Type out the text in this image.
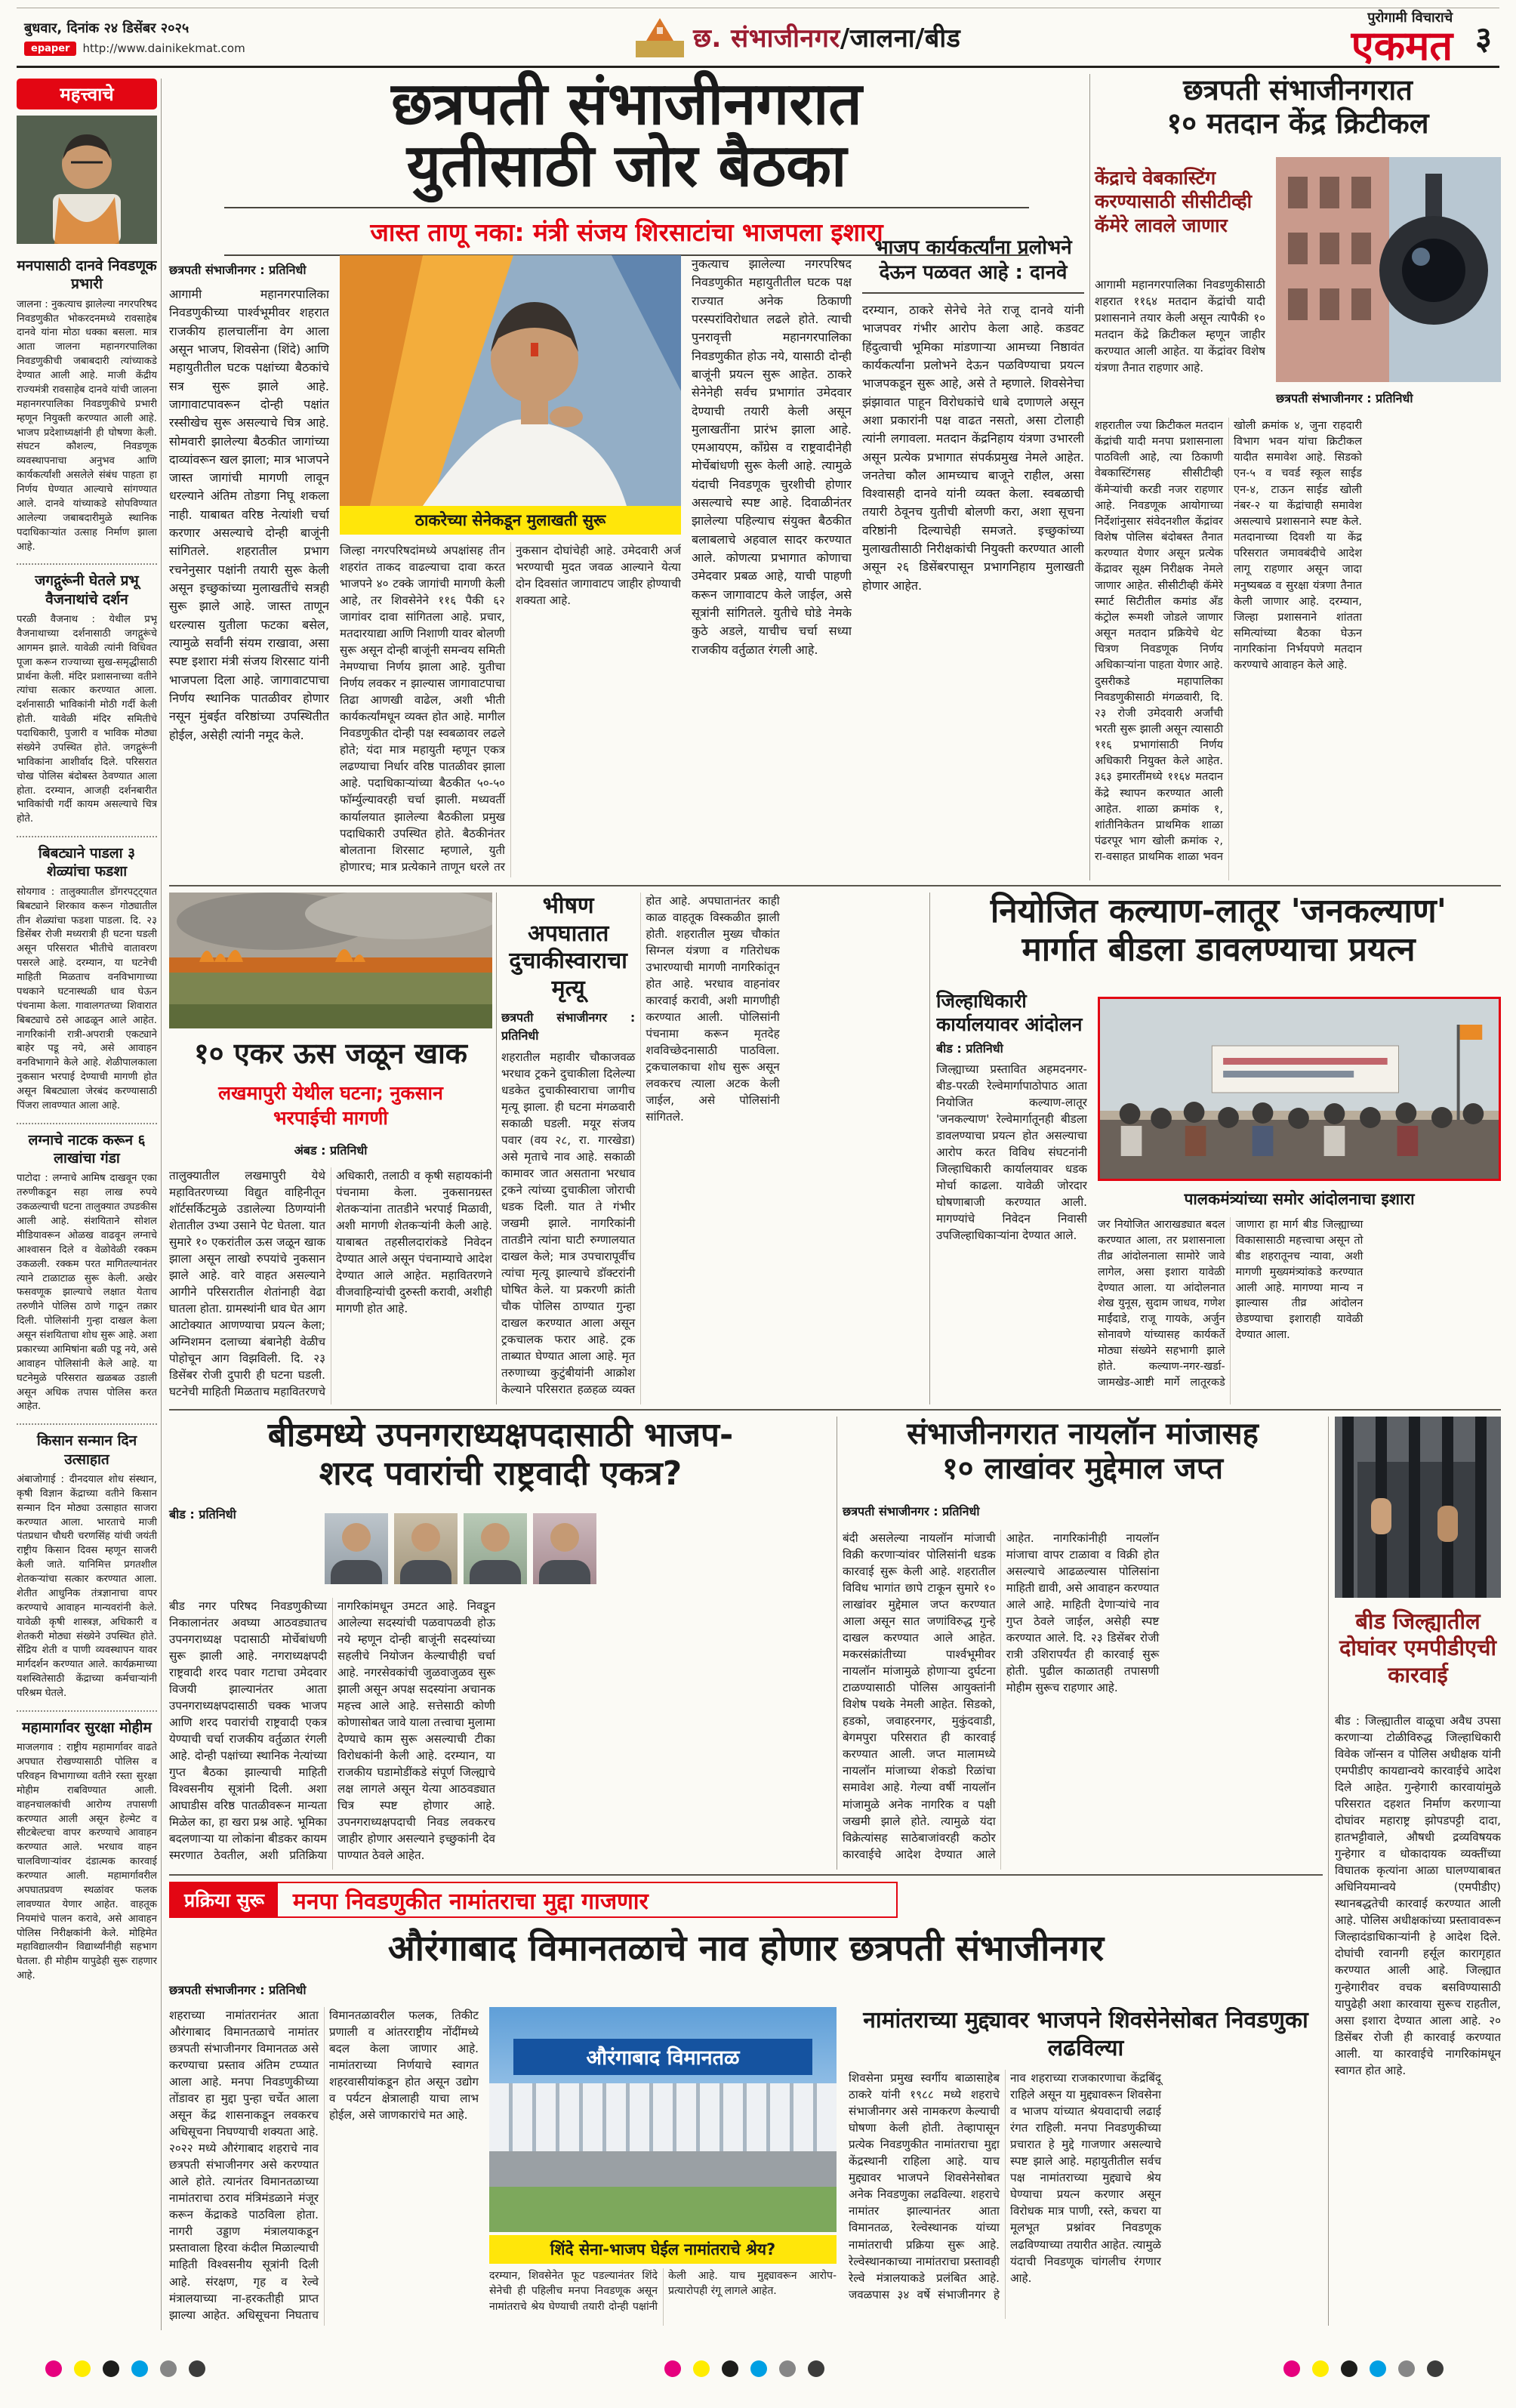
बुधवार, दिनांक २४ डिसेंबर २०२५
epaper	http://www.dainikekmat.com	छ. संभाजीनगर/जालना/बीड
पुरोगामी विचाराचे
एकमत ३
महत्त्वाचे
मनपासाठी दानवे निवडणूक प्रभारी
जालना : नुकत्याच झालेल्या नगरपरिषद निवडणुकीत भोकरदनमध्ये रावसाहेब दानवे यांना मोठा धक्का बसला. मात्र आता जालना महानगरपालिका निवडणुकीची जबाबदारी त्यांच्याकडे देण्यात आली आहे. माजी केंद्रीय राज्यमंत्री रावसाहेब दानवे यांची जालना महानगरपालिका निवडणुकीचे प्रभारी म्हणून नियुक्ती करण्यात आली आहे. भाजप प्रदेशाध्यक्षांनी ही घोषणा केली. संघटन कौशल्य, निवडणूक व्यवस्थापनाचा अनुभव आणि कार्यकर्त्यांशी असलेले संबंध पाहता हा निर्णय घेण्यात आल्याचे सांगण्यात आले. दानवे यांच्याकडे सोपविण्यात आलेल्या जबाबदारीमुळे स्थानिक पदाधिकाऱ्यांत उत्साह निर्माण झाला आहे.
जगद्गुरूंनी घेतले प्रभू वैजनाथांचे दर्शन
परळी वैजनाथ : येथील प्रभू वैजनाथाच्या दर्शनासाठी जगद्गुरूंचे आगमन झाले. यावेळी त्यांनी विधिवत पूजा करून राज्याच्या सुख-समृद्धीसाठी प्रार्थना केली. मंदिर प्रशासनाच्या वतीने त्यांचा सत्कार करण्यात आला. दर्शनासाठी भाविकांनी मोठी गर्दी केली होती. यावेळी मंदिर समितीचे पदाधिकारी, पुजारी व भाविक मोठ्या संख्येने उपस्थित होते. जगद्गुरूंनी भाविकांना आशीर्वाद दिले. परिसरात चोख पोलिस बंदोबस्त ठेवण्यात आला होता. दरम्यान, आजही दर्शनबारीत भाविकांची गर्दी कायम असल्याचे चित्र होते.
बिबट्याने पाडला ३ शेळ्यांचा फडशा
सोयगाव : तालुक्यातील डोंगरपट्ट्यात बिबट्याने शिरकाव करून गोठ्यातील तीन शेळ्यांचा फडशा पाडला. दि. २३ डिसेंबर रोजी मध्यरात्री ही घटना घडली असून परिसरात भीतीचे वातावरण पसरले आहे. दरम्यान, या घटनेची माहिती मिळताच वनविभागाच्या पथकाने घटनास्थळी धाव घेऊन पंचनामा केला. गावालगतच्या शिवारात बिबट्याचे ठसे आढळून आले आहेत. नागरिकांनी रात्री-अपरात्री एकट्याने बाहेर पडू नये, असे आवाहन वनविभागाने केले आहे. शेळीपालकाला नुकसान भरपाई देण्याची मागणी होत असून बिबट्याला जेरबंद करण्यासाठी पिंजरा लावण्यात आला आहे.
लग्नाचे नाटक करून ६ लाखांचा गंडा
पाटोदा : लग्नाचे आमिष दाखवून एका तरुणीकडून सहा लाख रुपये उकळल्याची घटना तालुक्यात उघडकीस आली आहे. संशयिताने सोशल मीडियावरून ओळख वाढवून लग्नाचे आश्वासन दिले व वेळोवेळी रक्कम उकळली. रक्कम परत मागितल्यानंतर त्याने टाळाटाळ सुरू केली. अखेर फसवणूक झाल्याचे लक्षात येताच तरुणीने पोलिस ठाणे गाठून तक्रार दिली. पोलिसांनी गुन्हा दाखल केला असून संशयिताचा शोध सुरू आहे. अशा प्रकारच्या आमिषांना बळी पडू नये, असे आवाहन पोलिसांनी केले आहे. या घटनेमुळे परिसरात खळबळ उडाली असून अधिक तपास पोलिस करत आहेत.
किसान सन्मान दिन उत्साहात
अंबाजोगाई : दीनदयाल शोध संस्थान, कृषी विज्ञान केंद्राच्या वतीने किसान सन्मान दिन मोठ्या उत्साहात साजरा करण्यात आला. भारताचे माजी पंतप्रधान चौधरी चरणसिंह यांची जयंती राष्ट्रीय किसान दिवस म्हणून साजरी केली जाते. यानिमित्त प्रगतशील शेतकऱ्यांचा सत्कार करण्यात आला. शेतीत आधुनिक तंत्रज्ञानाचा वापर करण्याचे आवाहन मान्यवरांनी केले. यावेळी कृषी शास्त्रज्ञ, अधिकारी व शेतकरी मोठ्या संख्येने उपस्थित होते. सेंद्रिय शेती व पाणी व्यवस्थापन यावर मार्गदर्शन करण्यात आले. कार्यक्रमाच्या यशस्वितेसाठी केंद्राच्या कर्मचाऱ्यांनी परिश्रम घेतले.
महामार्गावर सुरक्षा मोहीम
माजलगाव : राष्ट्रीय महामार्गावर वाढते अपघात रोखण्यासाठी पोलिस व परिवहन विभागाच्या वतीने रस्ता सुरक्षा मोहीम राबविण्यात आली. वाहनचालकांची आरोग्य तपासणी करण्यात आली असून हेल्मेट व सीटबेल्टचा वापर करण्याचे आवाहन करण्यात आले. भरधाव वाहन चालविणाऱ्यांवर दंडात्मक कारवाई करण्यात आली. महामार्गावरील अपघातप्रवण स्थळांवर फलक लावण्यात येणार आहेत. वाहतूक नियमांचे पालन करावे, असे आवाहन पोलिस निरीक्षकांनी केले. मोहिमेत महाविद्यालयीन विद्यार्थ्यांनीही सहभाग घेतला. ही मोहीम यापुढेही सुरू राहणार आहे.
छत्रपती संभाजीनगरात
युतीसाठी जोर बैठका
जास्त ताणू नका: मंत्री संजय शिरसाटांचा भाजपला इशारा
छत्रपती संभाजीनगर : प्रतिनिधी
आगामी महानगरपालिका निवडणुकीच्या पार्श्वभूमीवर शहरात राजकीय हालचालींना वेग आला असून भाजप, शिवसेना (शिंदे) आणि महायुतीतील घटक पक्षांच्या बैठकांचे सत्र सुरू झाले आहे. जागावाटपावरून दोन्ही पक्षांत रस्सीखेच सुरू असल्याचे चित्र आहे. सोमवारी झालेल्या बैठकीत जागांच्या दाव्यांवरून खल झाला; मात्र भाजपने जास्त जागांची मागणी लावून धरल्याने अंतिम तोडगा निघू शकला नाही. याबाबत वरिष्ठ नेत्यांशी चर्चा करणार असल्याचे दोन्ही बाजूंनी सांगितले. शहरातील प्रभाग रचनेनुसार पक्षांनी तयारी सुरू केली असून इच्छुकांच्या मुलाखतींचे सत्रही सुरू झाले आहे. जास्त ताणून धरल्यास युतीला फटका बसेल, त्यामुळे सर्वांनी संयम राखावा, असा स्पष्ट इशारा मंत्री संजय शिरसाट यांनी भाजपला दिला आहे. जागावाटपाचा निर्णय स्थानिक पातळीवर होणार नसून मुंबईत वरिष्ठांच्या उपस्थितीत होईल, असेही त्यांनी नमूद केले.
ठाकरेच्या सेनेकडून मुलाखती सुरू
जिल्हा नगरपरिषदांमध्ये अपक्षांसह तीन शहरांत ताकद वाढल्याचा दावा करत भाजपने ४० टक्के जागांची मागणी केली आहे, तर शिवसेनेने ११६ पैकी ६२ जागांवर दावा सांगितला आहे. प्रचार, मतदारयाद्या आणि निशाणी यावर बोलणी सुरू असून दोन्ही बाजूंनी समन्वय समिती नेमण्याचा निर्णय झाला आहे. युतीचा निर्णय लवकर न झाल्यास जागावाटपाचा तिढा आणखी वाढेल, अशी भीती कार्यकर्त्यांमधून व्यक्त होत आहे. मागील निवडणुकीत दोन्ही पक्ष स्वबळावर लढले होते; यंदा मात्र महायुती म्हणून एकत्र लढण्याचा निर्धार वरिष्ठ पातळीवर झाला आहे. पदाधिकाऱ्यांच्या बैठकीत ५०-५० फॉर्म्युल्यावरही चर्चा झाली. मध्यवर्ती कार्यालयात झालेल्या बैठकीला प्रमुख पदाधिकारी उपस्थित होते. बैठकीनंतर बोलताना शिरसाट म्हणाले, युती होणारच; मात्र प्रत्येकाने ताणून धरले तर नुकसान दोघांचेही आहे. उमेदवारी अर्ज भरण्याची मुदत जवळ आल्याने येत्या दोन दिवसांत जागावाटप जाहीर होण्याची शक्यता आहे.
नुकत्याच झालेल्या नगरपरिषद निवडणुकीत महायुतीतील घटक पक्ष राज्यात अनेक ठिकाणी परस्परांविरोधात लढले होते. त्याची पुनरावृत्ती महानगरपालिका निवडणुकीत होऊ नये, यासाठी दोन्ही बाजूंनी प्रयत्न सुरू आहेत. ठाकरे सेनेनेही सर्वच प्रभागांत उमेदवार देण्याची तयारी केली असून मुलाखतींना प्रारंभ झाला आहे. एमआयएम, काँग्रेस व राष्ट्रवादीनेही मोर्चेबांधणी सुरू केली आहे. त्यामुळे यंदाची निवडणूक चुरशीची होणार असल्याचे स्पष्ट आहे. दिवाळीनंतर झालेल्या पहिल्याच संयुक्त बैठकीत बलाबलाचे अहवाल सादर करण्य‍ात आले. कोणत्या प्रभागात कोणाचा उमेदवार प्रबळ आहे, याची पाहणी करून जागावाटप केले जाईल, असे सूत्रांनी सांगितले. युतीचे घोडे नेमके कुठे अडले, याचीच चर्चा सध्या राजकीय वर्तुळात रंगली आहे.
भाजप कार्यकर्त्यांना प्रलोभने देऊन पळवत आहे : दानवे
दरम्यान, ठाकरे सेनेचे नेते राजू दानवे यांनी भाजपवर गंभीर आरोप केला आहे. कडवट हिंदुत्वाची भूमिका मांडणाऱ्या आमच्या निष्ठावंत कार्यकर्त्यांना प्रलोभने देऊन पळविण्याचा प्रयत्न भाजपकडून सुरू आहे, असे ते म्हणाले. शिवसेनेचा झंझावात पाहून विरोधकांचे धाबे दणाणले असून अशा प्रकारांनी पक्ष वाढत नसतो, असा टोलाही त्यांनी लगावला. मतदान केंद्रनिहाय यंत्रणा उभारली असून प्रत्येक प्रभागात संपर्कप्रमुख नेमले आहेत. जनतेचा कौल आमच्याच बाजूने राहील, असा विश्वासही दानवे यांनी व्यक्त केला. स्वबळाची तयारी ठेवूनच युतीची बोलणी करा, अशा सूचना वरिष्ठांनी दिल्याचेही समजते. इच्छुकांच्या मुलाखतीसाठी निरीक्षकांची नियुक्ती करण्यात आली असून २६ डिसेंबरपासून प्रभागनिहाय मुलाखती होणार आहेत.
छत्रपती संभाजीनगरात
१० मतदान केंद्र क्रिटीकल
केंद्राचे वेबकास्टिंग करण्यासाठी सीसीटीव्ही कॅमेरे लावले जाणार
छत्रपती संभाजीनगर : प्रतिनिधी
आगामी महानगरपालिका निवडणुकीसाठी शहरात ११६४ मतदान केंद्रांची यादी प्रशासनाने तयार केली असून त्यापैकी १० मतदान केंद्रे क्रिटीकल म्हणून जाहीर करण्यात आली आहेत. या केंद्रांवर विशेष यंत्रणा तैनात राहणार आहे.
शहरातील ज्या क्रिटीकल मतदान केंद्रांची यादी मनपा प्रशासनाला पाठविली आहे, त्या ठिकाणी वेबकास्टिंगसह सीसीटीव्ही कॅमेऱ्यांची करडी नजर राहणार आहे. निवडणूक आयोगाच्या निर्देशांनुसार संवेदनशील केंद्रांवर विशेष पोलिस बंदोबस्त तैनात करण्यात येणार असून प्रत्येक केंद्रावर सूक्ष्म निरीक्षक नेमले जाणार आहेत. सीसीटीव्ही कॅमेरे स्मार्ट सिटीतील कमांड अँड कंट्रोल रूमशी जोडले जाणार असून मतदान प्रक्रियेचे थेट चित्रण निवडणूक निर्णय अधिकाऱ्यांना पाहता येणार आहे. दुसरीकडे महापालिका निवडणुकीसाठी मंगळवारी, दि. २३ रोजी उमेदवारी अर्जांची भरती सुरू झाली असून त्यासाठी ११६ प्रभागांसाठी निर्णय अधिकारी नियुक्त केले आहेत. ३६३ इमारतींमध्ये ११६४ मतदान केंद्रे स्थापन करण्यात आली आहेत. शाळा क्रमांक १, शांतीनिकेतन प्राथमिक शाळा पंढरपूर भाग खोली क्रमांक २, रा-वसाहत प्राथमिक शाळा भवन खोली क्रमांक ४, जुना राहदारी विभाग भवन यांचा क्रिटीकल यादीत समावेश आहे. सिडको एन-५ व चवर्ड स्कूल साईड एन-४, टाऊन साईड खोली नंबर-२ या केंद्रांचाही समावेश असल्याचे प्रशासनाने स्पष्ट केले. मतदानाच्या दिवशी या केंद्र परिसरात जमावबंदीचे आदेश लागू राहणार असून जादा मनुष्यबळ व सुरक्षा यंत्रणा तैनात केली जाणार आहे. दरम्यान, जिल्हा प्रशासनाने शांतता समित्यांच्या बैठका घेऊन नागरिकांना निर्भयपणे मतदान करण्याचे आवाहन केले आहे.
१० एकर ऊस जळून खाक
लखमापुरी येथील घटना; नुकसान भरपाईची मागणी
अंबड : प्रतिनिधी
तालुक्यातील लखमापुरी येथे महावितरणच्या विद्युत वाहिनीतून शॉर्टसर्किटमुळे उडालेल्या ठिणग्यांनी शेतातील उभ्या उसाने पेट घेतला. यात सुमारे १० एकरांतील ऊस जळून खाक झाला असून लाखो रुपयांचे नुकसान झाले आहे. वारे वाहत असल्याने आगीने परिसरातील शेतांनाही वेढा घातला होता. ग्रामस्थांनी धाव घेत आग आटोक्यात आणण्याचा प्रयत्न केला; अग्निशमन दलाच्या बंबानेही वेळीच पोहोचून आग विझविली. दि. २३ डिसेंबर रोजी दुपारी ही घटना घडली. घटनेची माहिती मिळताच महावितरणचे अधिकारी, तलाठी व कृषी सहायकांनी पंचनामा केला. नुकसानग्रस्त शेतकऱ्यांना तातडीने भरपाई मिळावी, अशी मागणी शेतकऱ्यांनी केली आहे. याबाबत तहसीलदारांकडे निवेदन देण्यात आले असून पंचनाम्याचे आदेश देण्यात आले आहेत. महावितरणने वीजवाहिन्यांची दुरुस्ती करावी, अशीही मागणी होत आहे.
भीषण अपघातात दुचाकीस्वाराचा मृत्यू
छत्रपती संभाजीनगर : प्रतिनिधी
शहरातील महावीर चौकाजवळ भरधाव ट्रकने दुचाकीला दिलेल्या धडकेत दुचाकीस्वाराचा जागीच मृत्यू झाला. ही घटना मंगळवारी सकाळी घडली. मयूर संजय पवार (वय २८, रा. गारखेडा) असे मृताचे नाव आहे. सकाळी कामावर जात असताना भरधाव ट्रकने त्यांच्या दुचाकीला जोराची धडक दिली. यात ते गंभीर जखमी झाले. नागरिकांनी तातडीने त्यांना घाटी रुग्णालयात दाखल केले; मात्र उपचारापूर्वीच त्यांचा मृत्यू झाल्याचे डॉक्टरांनी घोषित केले. या प्रकरणी क्रांती चौक पोलिस ठाण्यात गुन्हा दाखल करण्यात आला असून ट्रकचालक फरार आहे. ट्रक ताब्यात घेण्यात आला आहे. मृत तरुणाच्या कुटुंबीयांनी आक्रोश केल्याने परिसरात हळहळ व्यक्त होत आहे. अपघातानंतर काही काळ वाहतूक विस्कळीत झाली होती. शहरातील मुख्य चौकांत सिग्नल यंत्रणा व गतिरोधक उभारण्याची मागणी नागरिकांतून होत आहे. भरधाव वाहनांवर कारवाई करावी, अशी मागणीही करण्यात आली. पोलिसांनी पंचनामा करून मृतदेह शवविच्छेदनासाठी पाठविला. ट्रकचालकाचा शोध सुरू असून लवकरच त्याला अटक केली जाईल, असे पोलिसांनी सांगितले.
नियोजित कल्याण-लातूर 'जनकल्याण'
मार्गात बीडला डावलण्याचा प्रयत्न
जिल्हाधिकारी कार्यालयावर आंदोलन
बीड : प्रतिनिधी
जिल्ह्याच्या प्रस्तावित अहमदनगर-बीड-परळी रेल्वेमार्गापाठोपाठ आता नियोजित कल्याण-लातूर 'जनकल्याण' रेल्वेमार्गातूनही बीडला डावलण्याचा प्रयत्न होत असल्याचा आरोप करत विविध संघटनांनी जिल्हाधिकारी कार्यालयावर धडक मोर्चा काढला. यावेळी जोरदार घोषणाबाजी करण्यात आली. मागण्यांचे निवेदन निवासी उपजिल्हाधिकाऱ्यांना देण्यात आले.
पालकमंत्र्यांच्या समोर आंदोलनाचा इशारा
जर नियोजित आराखड्यात बदल करण्यात आला, तर प्रशासनाला तीव्र आंदोलनाला सामोरे जावे लागेल, असा इशारा यावेळी देण्यात आला. या आंदोलनात शेख युनूस, सुदाम जाधव, गणेश माईंदाडे, राजू गायके, अर्जुन सोनावणे यांच्यासह कार्यकर्ते मोठ्या संख्येने सहभागी झाले होते. कल्याण-नगर-खर्डा-जामखेड-आष्टी मार्गे लातूरकडे जाणारा हा मार्ग बीड जिल्ह्याच्या विकासासाठी महत्त्वाचा असून तो बीड शहरातूनच न्यावा, अशी मागणी मुख्यमंत्र्यांकडे करण्यात आली आहे. मागण्या मान्य न झाल्यास तीव्र आंदोलन छेडण्याचा इशाराही यावेळी देण्यात आला.
बीडमध्ये उपनगराध्यक्षपदासाठी भाजप-
शरद पवारांची राष्ट्रवादी एकत्र?
बीड : प्रतिनिधी
बीड नगर परिषद निवडणुकीच्या निकालानंतर अवघ्या आठवड्यातच उपनगराध्यक्ष पदासाठी मोर्चेबांधणी सुरू झाली आहे. नगराध्यक्षपदी राष्ट्रवादी शरद पवार गटाचा उमेदवार विजयी झाल्यानंतर आता उपनगराध्यक्षपदासाठी चक्क भाजप आणि शरद पवारांची राष्ट्रवादी एकत्र येण्याची चर्चा राजकीय वर्तुळात रंगली आहे. दोन्ही पक्षांच्या स्थानिक नेत्यांच्या गुप्त बैठका झाल्याची माहिती विश्वसनीय सूत्रांनी दिली. अशा आघाडीस वरिष्ठ पातळीवरून मान्यता मिळेल का, हा खरा प्रश्न आहे. भूमिका बदलणाऱ्या या लोकांना बीडकर कायम स्मरणात ठेवतील, अशी प्रतिक्रिया नागरिकांमधून उमटत आहे. निवडून आलेल्या सदस्यांची पळवापळवी होऊ नये म्हणून दोन्ही बाजूंनी सदस्यांच्या सहलीचे नियोजन केल्याचीही चर्चा आहे. नगरसेवकांची जुळवाजुळव सुरू झाली असून अपक्ष सदस्यांना अचानक महत्त्व आले आहे. सत्तेसाठी कोणी कोणासोबत जावे याला तत्त्वाचा मुलामा देण्याचे काम सुरू असल्याची टीका विरोधकांनी केली आहे. दरम्यान, या राजकीय घडामोडींकडे संपूर्ण जिल्ह्याचे लक्ष लागले असून येत्या आठवड्यात चित्र स्पष्ट होणार आहे. उपनगराध्यक्षपदाची निवड लवकरच जाहीर होणार असल्याने इच्छुकांनी देव पाण्यात ठेवले आहेत.
संभाजीनगरात नायलॉन मांजासह
१० लाखांवर मुद्देमाल जप्त
छत्रपती संभाजीनगर : प्रतिनिधी
बंदी असलेल्या नायलॉन मांजाची विक्री करणाऱ्यांवर पोलिसांनी धडक कारवाई सुरू केली आहे. शहरातील विविध भागांत छापे टाकून सुमारे १० लाखांवर मुद्देमाल जप्त करण्यात आला असून सात जणांविरुद्ध गुन्हे दाखल करण्यात आले आहेत. मकरसंक्रांतीच्या पार्श्वभूमीवर नायलॉन मांजामुळे होणाऱ्या दुर्घटना टाळण्यासाठी पोलिस आयुक्तांनी विशेष पथके नेमली आहेत. सिडको, हडको, जवाहरनगर, मुकुंदवाडी, बेगमपुरा परिसरात ही कारवाई करण्यात आली. जप्त मालामध्ये नायलॉन मांजाच्या शेकडो रिळांचा समावेश आहे. गेल्या वर्षी नायलॉन मांजामुळे अनेक नागरिक व पक्षी जखमी झाले होते. त्यामुळे यंदा विक्रेत्यांसह साठेबाजांवरही कठोर कारवाईचे आदेश देण्यात आले आहेत. नागरिकांनीही नायलॉन मांजाचा वापर टाळावा व विक्री होत असल्याचे आढळल्यास पोलिसांना माहिती द्यावी, असे आवाहन करण्यात आले आहे. माहिती देणाऱ्यांचे नाव गुप्त ठेवले जाईल, असेही स्पष्ट करण्यात आले. दि. २३ डिसेंबर रोजी रात्री उशिरापर्यंत ही कारवाई सुरू होती. पुढील काळातही तपासणी मोहीम सुरूच राहणार आहे.
बीड जिल्ह्यातील दोघांवर एमपीडीएची कारवाई
बीड : जिल्ह्यातील वाळूचा अवैध उपसा करणाऱ्या टोळीविरुद्ध जिल्हाधिकारी विवेक जॉन्सन व पोलिस अधीक्षक यांनी एमपीडीए कायद्यान्वये कारवाईचे आदेश दिले आहेत. गुन्हेगारी कारवायांमुळे परिसरात दहशत निर्माण करणाऱ्या दोघांवर महाराष्ट्र झोपडपट्टी दादा, हातभट्टीवाले, औषधी द्रव्यविषयक गुन्हेगार व धोकादायक व्यक्तींच्या विघातक कृत्यांना आळा घालण्याबाबत अधिनियमान्वये (एमपीडीए) स्थानबद्धतेची कारवाई करण्यात आली आहे. पोलिस अधीक्षकांच्या प्रस्तावावरून जिल्हादंडाधिकाऱ्यांनी हे आदेश दिले. दोघांची रवानगी हर्सूल कारागृहात करण्यात आली आहे. जिल्ह्यात गुन्हेगारीवर वचक बसविण्यासाठी यापुढेही अशा कारवाया सुरूच राहतील, असा इशारा देण्यात आला आहे. २० डिसेंबर रोजी ही कारवाई करण्यात आली. या कारवाईचे नागरिकांमधून स्वागत होत आहे.
प्रक्रिया सुरू	मनपा निवडणुकीत नामांतराचा मुद्दा गाजणार
औरंगाबाद विमानतळाचे नाव होणार छत्रपती संभाजीनगर
छत्रपती संभाजीनगर : प्रतिनिधी
शहराच्या नामांतरानंतर आता औरंगाबाद विमानतळाचे नामांतर छत्रपती संभाजीनगर विमानतळ असे करण्याचा प्रस्ताव अंतिम टप्प्यात आला आहे. मनपा निवडणुकीच्या तोंडावर हा मुद्दा पुन्हा चर्चेत आला असून केंद्र शासनाकडून लवकरच अधिसूचना निघण्याची शक्यता आहे. २०२२ मध्ये औरंगाबाद शहराचे नाव छत्रपती संभाजीनगर असे करण्यात आले होते. त्यानंतर विमानतळाच्या नामांतराचा ठराव मंत्रिमंडळाने मंजूर करून केंद्राकडे पाठविला होता. नागरी उड्डाण मंत्रालयाकडून प्रस्तावाला हिरवा कंदील मिळाल्याची माहिती विश्वसनीय सूत्रांनी दिली आहे. संरक्षण, गृह व रेल्वे मंत्रालयाच्या ना-हरकतीही प्राप्त झाल्या आहेत. अधिसूचना निघताच विमानतळावरील फलक, तिकीट प्रणाली व आंतरराष्ट्रीय नोंदींमध्ये बदल केला जाणार आहे. नामांतराच्या निर्णयाचे स्वागत शहरवासीयांकडून होत असून उद्योग व पर्यटन क्षेत्रालाही याचा लाभ होईल, असे जाणकारांचे मत आहे.
औरंगाबाद विमानतळ
शिंदे सेना-भाजप घेईल नामांतराचे श्रेय?
दरम्यान, शिवसेनेत फूट पडल्यानंतर शिंदे सेनेची ही पहिलीच मनपा निवडणूक असून नामांतराचे श्रेय घेण्याची तयारी दोन्ही पक्षांनी केली आहे. याच मुद्द्यावरून आरोप-प्रत्यारोपही रंगू लागले आहेत.
नामांतराच्या मुद्द्यावर भाजपने शिवसेनेसोबत निवडणुका लढविल्या
शिवसेना प्रमुख स्वर्गीय बाळासाहेब ठाकरे यांनी १९८८ मध्ये शहराचे संभाजीनगर असे नामकरण केल्याची घोषणा केली होती. तेव्हापासून प्रत्येक निवडणुकीत नामांतराचा मुद्दा केंद्रस्थानी राहिला आहे. याच मुद्द्यावर भाजपने शिवसेनेसोबत अनेक निवडणुका लढविल्या. शहराचे नामांतर झाल्यानंतर आता विमानतळ, रेल्वेस्थानक यांच्या नामांतराची प्रक्रिया सुरू आहे. रेल्वेस्थानकाच्या नामांतराचा प्रस्तावही रेल्वे मंत्रालयाकडे प्रलंबित आहे. जवळपास ३४ वर्षे संभाजीनगर हे नाव शहराच्या राजकारणाचा केंद्रबिंदू राहिले असून या मुद्द्यावरून शिवसेना व भाजप यांच्यात श्रेयवादाची लढाई रंगत राहिली. मनपा निवडणुकीच्या प्रचारात हे मुद्दे गाजणार असल्याचे स्पष्ट झाले आहे. महायुतीतील सर्वच पक्ष नामांतराच्या मुद्द्याचे श्रेय घेण्याचा प्रयत्न करणार असून विरोधक मात्र पाणी, रस्ते, कचरा या मूलभूत प्रश्नांवर निवडणूक लढविण्याच्या तयारीत आहेत. त्यामुळे यंदाची निवडणूक चांगलीच रंगणार आहे.
